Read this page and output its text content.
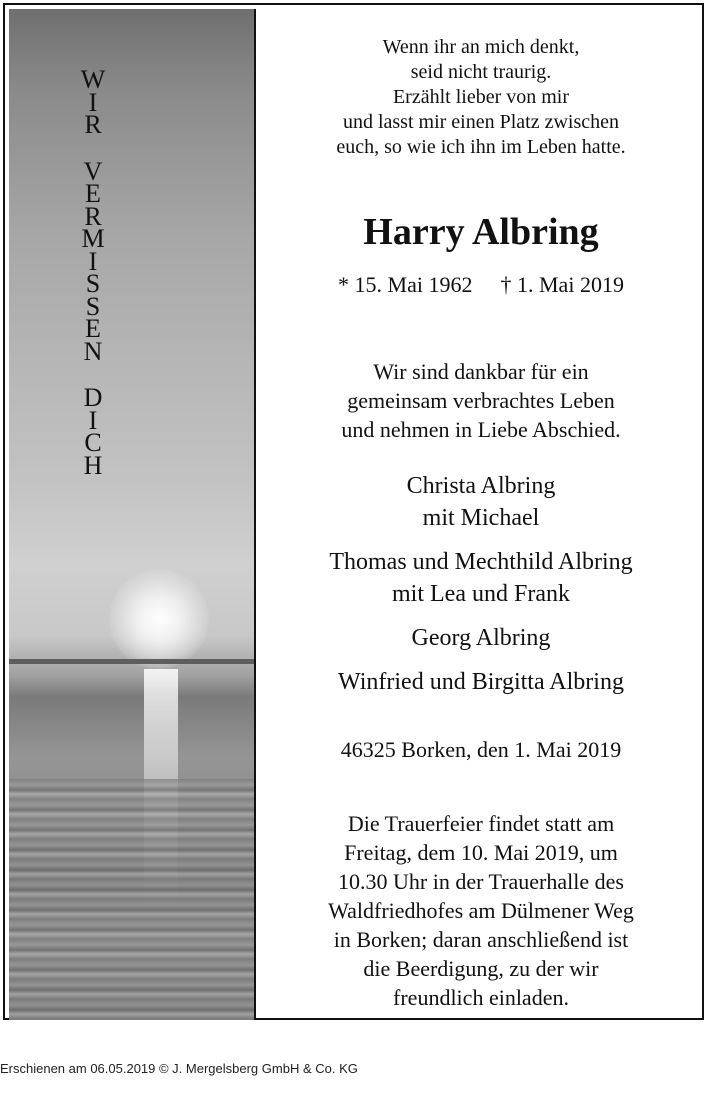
W
I
R
V
E
R
M
I
S
S
E
N
D
I
C
H
Wenn ihr an mich denkt,
seid nicht traurig.
Erzählt lieber von mir
und lasst mir einen Platz zwischen
euch, so wie ich ihn im Leben hatte.
Harry Albring
* 15. Mai 1962 † 1. Mai 2019
Wir sind dankbar für ein
gemeinsam verbrachtes Leben
und nehmen in Liebe Abschied.
Christa Albring
mit Michael
Thomas und Mechthild Albring
mit Lea und Frank
Georg Albring
Winfried und Birgitta Albring
46325 Borken, den 1. Mai 2019
Die Trauerfeier findet statt am
Freitag, dem 10. Mai 2019, um
10.30 Uhr in der Trauerhalle des
Waldfriedhofes am Dülmener Weg
in Borken; daran anschließend ist
die Beerdigung, zu der wir
freundlich einladen.
Erschienen am 06.05.2019 © J. Mergelsberg GmbH & Co. KG
